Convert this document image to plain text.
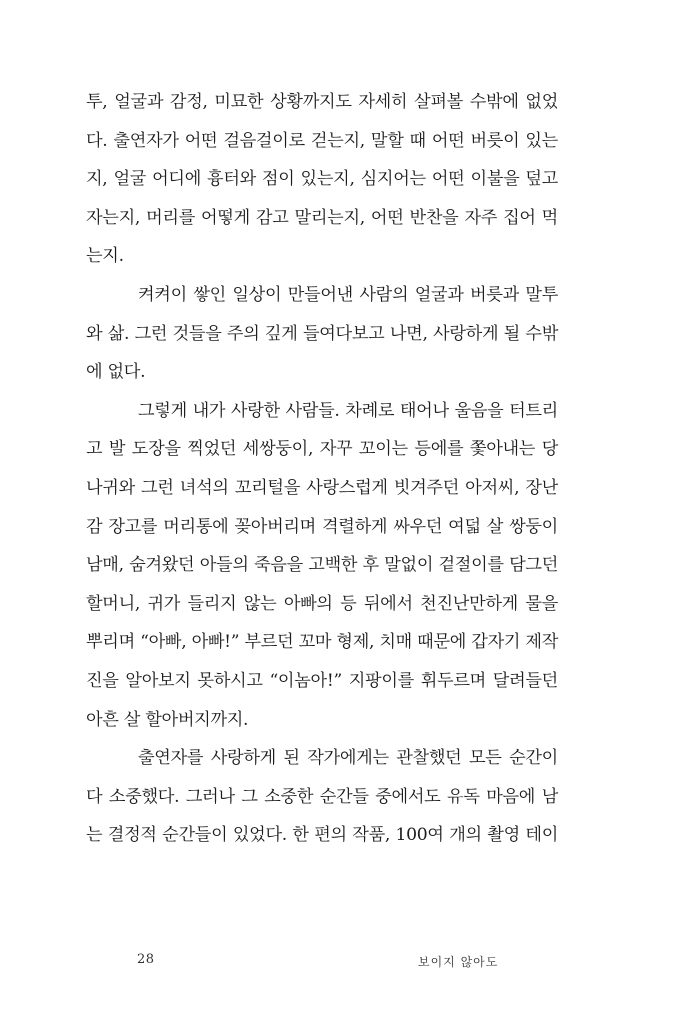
투, 얼굴과 감정, 미묘한 상황까지도 자세히 살펴볼 수밖에 없었
다. 출연자가 어떤 걸음걸이로 걷는지, 말할 때 어떤 버릇이 있는
지, 얼굴 어디에 흉터와 점이 있는지, 심지어는 어떤 이불을 덮고
자는지, 머리를 어떻게 감고 말리는지, 어떤 반찬을 자주 집어 먹
는지.

켜켜이 쌓인 일상이 만들어낸 사람의 얼굴과 버릇과 말투
와 삶. 그런 것들을 주의 깊게 들여다보고 나면, 사랑하게 될 수밖
에 없다.

그렇게 내가 사랑한 사람들. 차례로 태어나 울음을 터트리
고 발 도장을 찍었던 세쌍둥이, 자꾸 꼬이는 등에를 쫓아내는 당
나귀와 그런 녀석의 꼬리털을 사랑스럽게 빗겨주던 아저씨, 장난
감 장고를 머리통에 꽂아버리며 격렬하게 싸우던 여덟 살 쌍둥이
남매, 숨겨왔던 아들의 죽음을 고백한 후 말없이 겉절이를 담그던
할머니, 귀가 들리지 않는 아빠의 등 뒤에서 천진난만하게 물을
뿌리며 “아빠, 아빠!” 부르던 꼬마 형제, 치매 때문에 갑자기 제작
진을 알아보지 못하시고 “이놈아!” 지팡이를 휘두르며 달려들던
아흔 살 할아버지까지.

출연자를 사랑하게 된 작가에게는 관찰했던 모든 순간이
다 소중했다. 그러나 그 소중한 순간들 중에서도 유독 마음에 남
는 결정적 순간들이 있었다. 한 편의 작품, 100여 개의 촬영 테이

28	보이지 않아도
